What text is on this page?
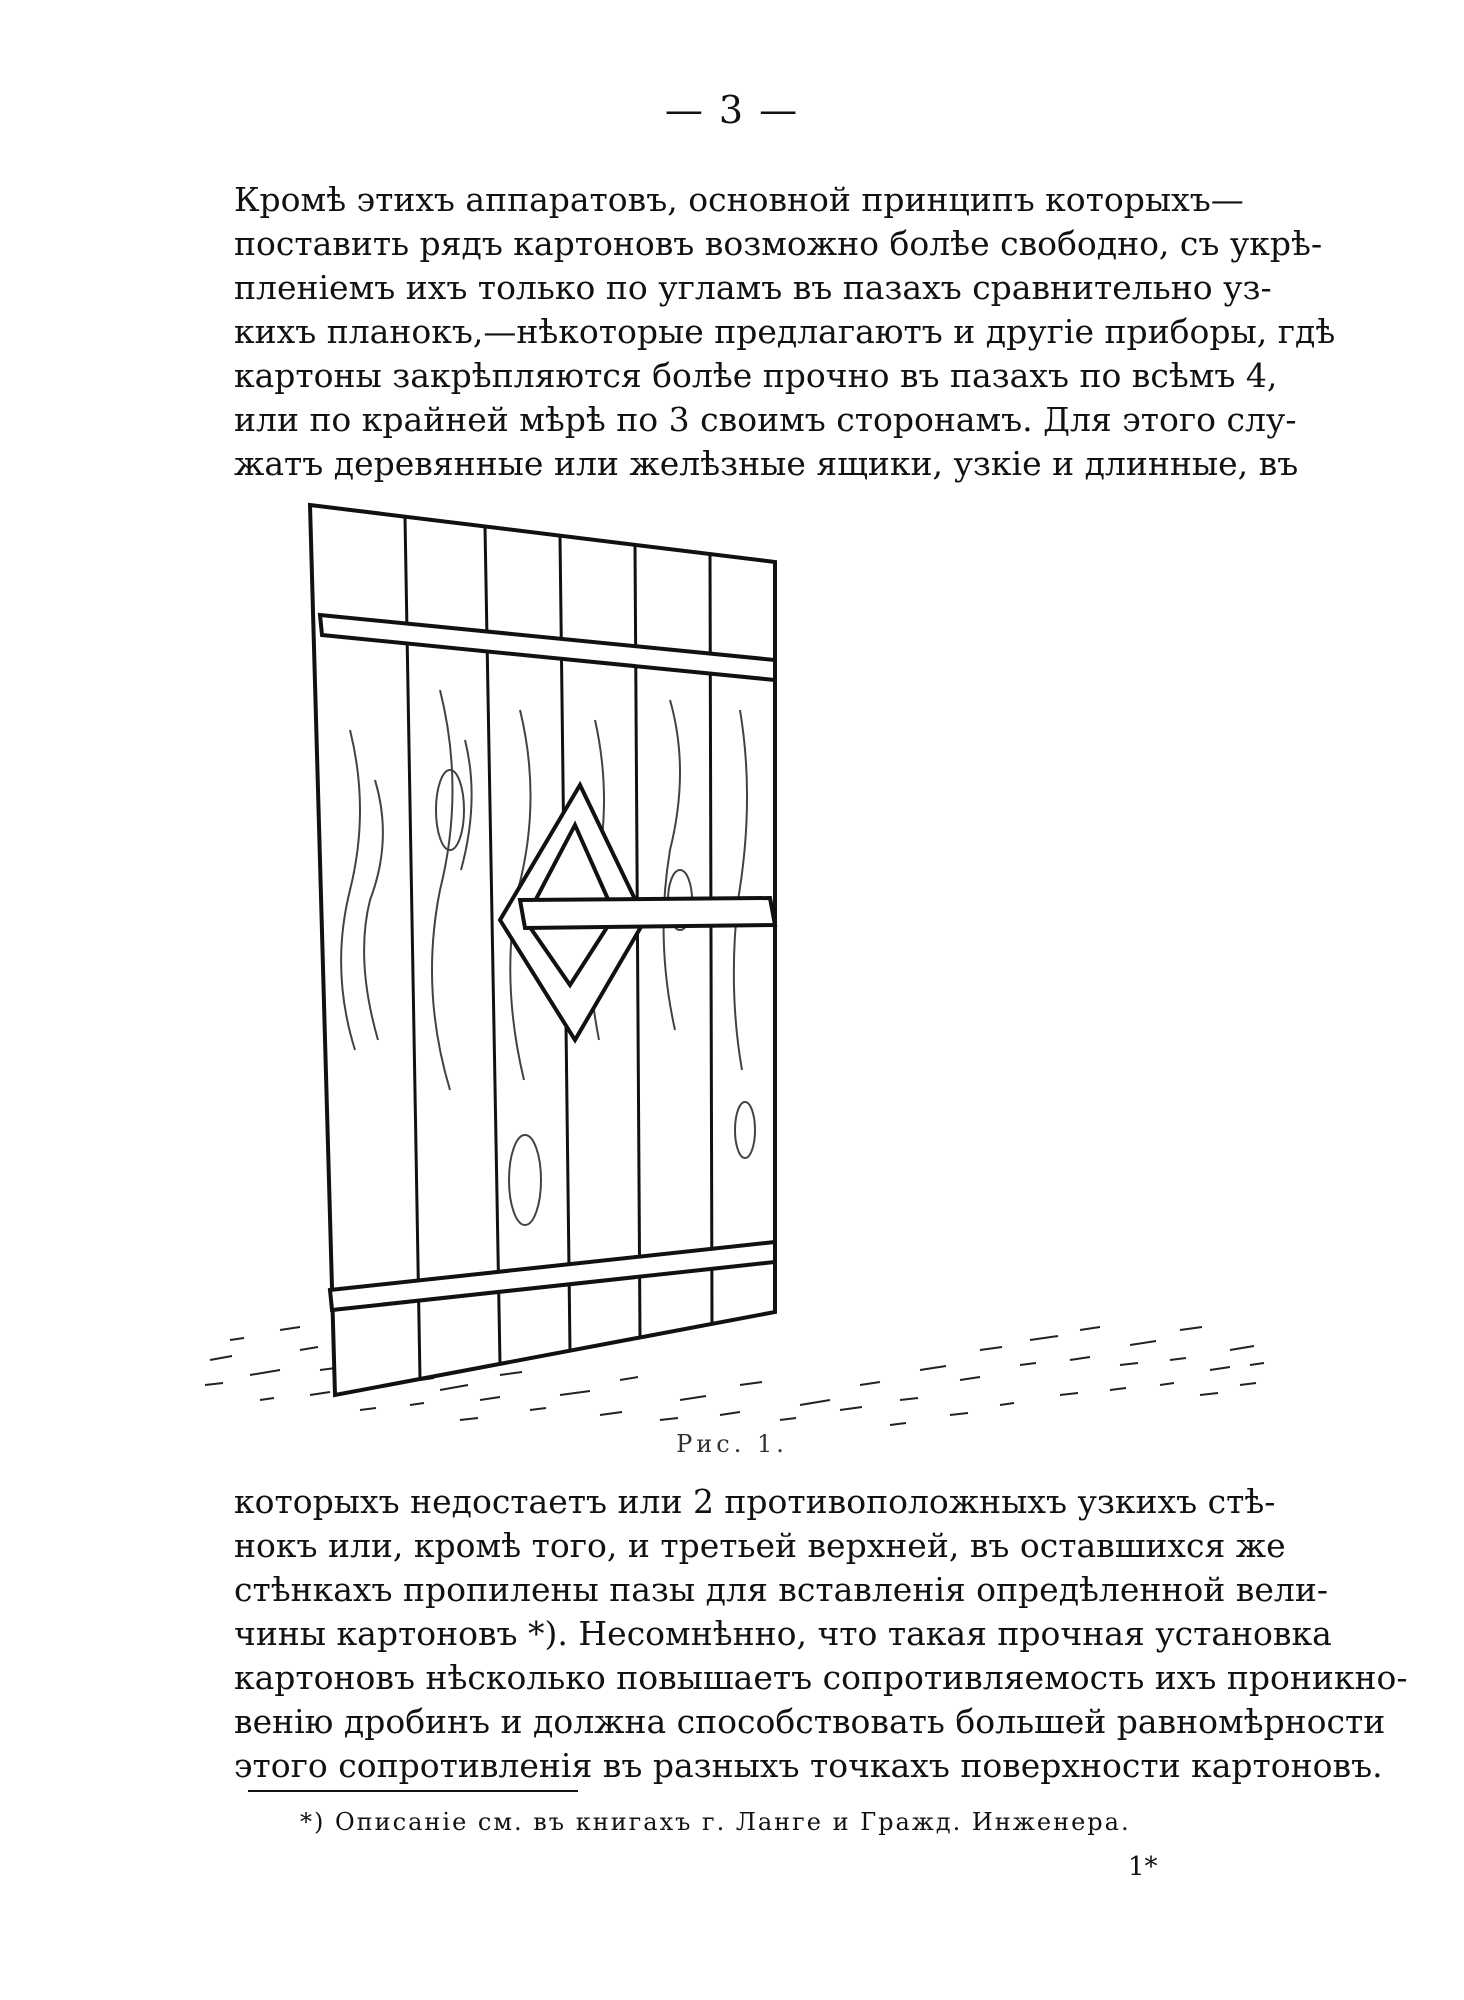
— 3 —
Кромѣ этихъ аппаратовъ, основной принципъ которыхъ—
поставить рядъ картоновъ возможно болѣе свободно, съ укрѣ-
пленіемъ ихъ только по угламъ въ пазахъ сравнительно уз-
кихъ планокъ,—нѣкоторые предлагаютъ и другіе приборы, гдѣ
картоны закрѣпляются болѣе прочно въ пазахъ по всѣмъ 4,
или по крайней мѣрѣ по 3 своимъ сторонамъ. Для этого слу-
жатъ деревянные или желѣзные ящики, узкіе и длинные, въ
Рис. 1.
которыхъ недостаетъ или 2 противоположныхъ узкихъ стѣ-
нокъ или, кромѣ того, и третьей верхней, въ оставшихся же
стѣнкахъ пропилены пазы для вставленія опредѣленной вели-
чины картоновъ *). Несомнѣнно, что такая прочная установка
картоновъ нѣсколько повышаетъ сопротивляемость ихъ проникно-
венію дробинъ и должна способствовать большей равномѣрности
этого сопротивленія въ разныхъ точкахъ поверхности картоновъ.
*) Описаніе см. въ книгахъ г. Ланге и Гражд. Инженера.
1*
